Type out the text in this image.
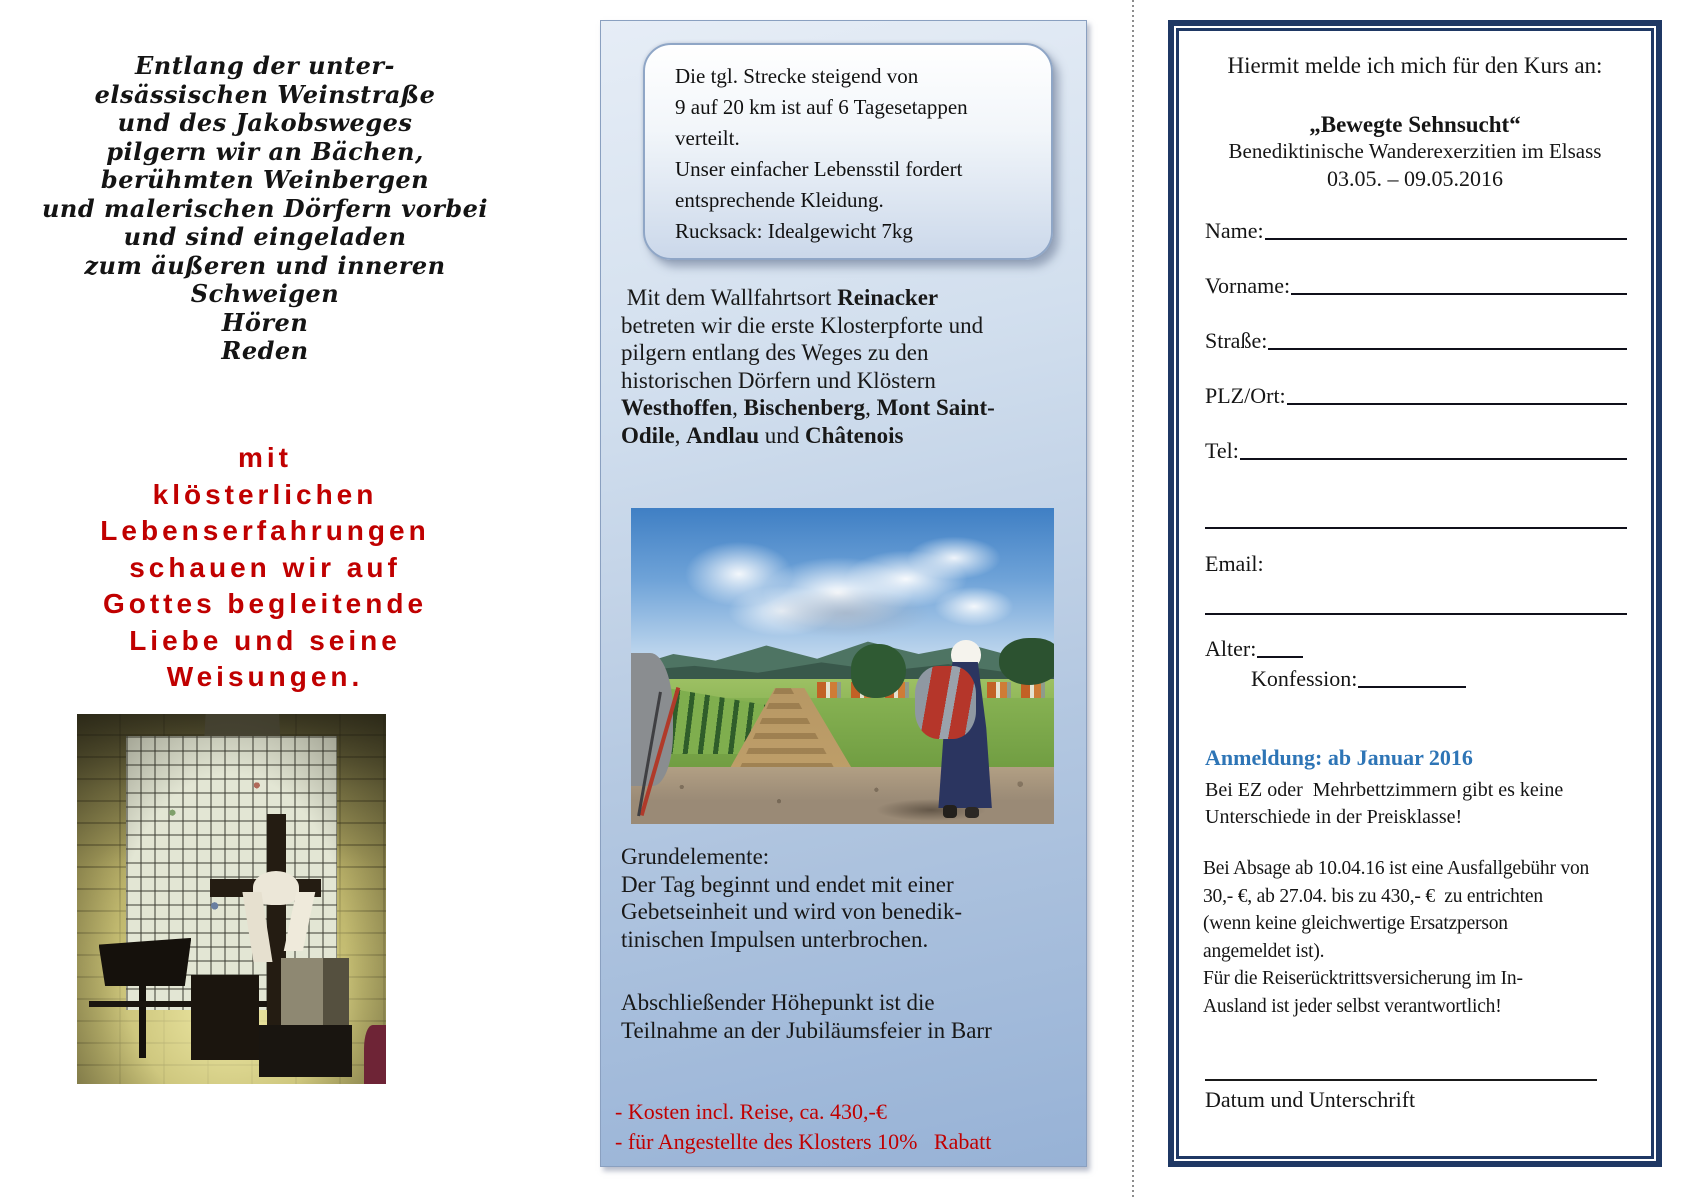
Entlang der unter-
elsässischen Weinstraße
und des Jakobsweges
pilgern wir an Bächen,
berühmten Weinbergen
und malerischen Dörfern vorbei
und sind eingeladen
zum äußeren und inneren
Schweigen
Hören
Reden
mit
klösterlichen
Lebenserfahrungen
schauen wir auf
Gottes begleitende
Liebe und seine
Weisungen.
Die tgl. Strecke steigend von
9 auf 20 km ist auf 6 Tagesetappen
verteilt.
Unser einfacher Lebensstil fordert
entsprechende Kleidung.
Rucksack: Idealgewicht 7kg
Mit dem Wallfahrtsort Reinacker
betreten wir die erste Klosterpforte und
pilgern entlang des Weges zu den
historischen Dörfern und Klöstern
Westhoffen, Bischenberg, Mont Saint-
Odile, Andlau und Châtenois
Grundelemente:
Der Tag beginnt und endet mit einer
Gebetseinheit und wird von benedik-
tinischen Impulsen unterbrochen.
Abschließender Höhepunkt ist die
Teilnahme an der Jubiläumsfeier in Barr
- Kosten incl. Reise, ca. 430,-€
- für Angestellte des Klosters 10%   Rabatt
Hiermit melde ich mich für den Kurs an:
„Bewegte Sehnsucht“
Benediktinische Wanderexerzitien im Elsass
03.05. – 09.05.2016
Name:
Vorname:
Straße:
PLZ/Ort:
Tel:
Email:
Alter:
Konfession:
Anmeldung: ab Januar 2016
Bei EZ oder  Mehrbettzimmern gibt es keine
Unterschiede in der Preisklasse!
Bei Absage ab 10.04.16 ist eine Ausfallgebühr von
30,- €, ab 27.04. bis zu 430,- €  zu entrichten
(wenn keine gleichwertige Ersatzperson
angemeldet ist).
Für die Reiserücktrittsversicherung im In-
Ausland ist jeder selbst verantwortlich!
Datum und Unterschrift
